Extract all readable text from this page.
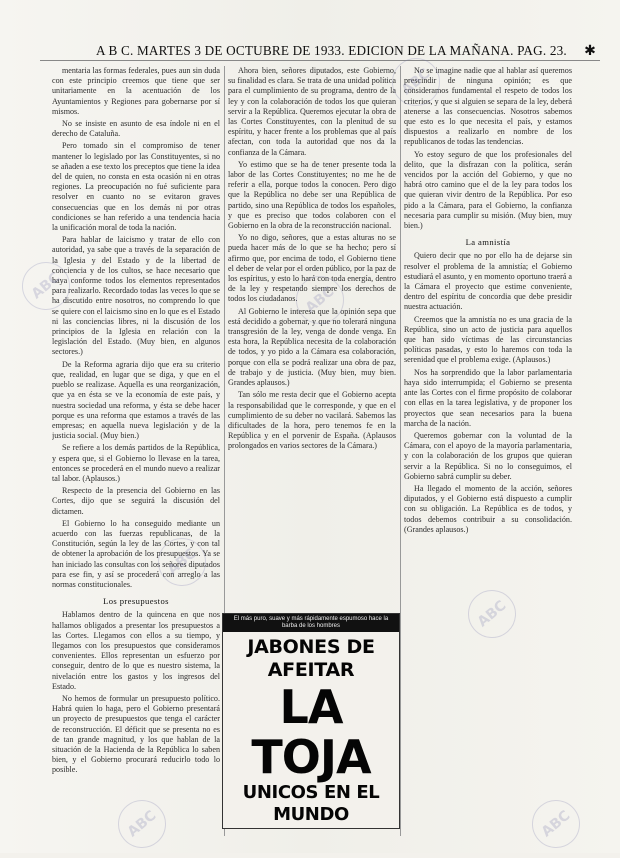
A B C. MARTES 3 DE OCTUBRE DE 1933. EDICION DE LA MAÑANA. PAG. 23. ✱

mentaria las formas federales, pues aun sin duda con este principio creemos que tiene que ser unitariamente en la acentuación de los Ayuntamientos y Regiones para gobernarse por sí mismos.

No se insiste en asunto de esa índole ni en el derecho de Cataluña.

Pero tomado sin el compromiso de tener mantener lo legislado por las Constituyentes, si no se añaden a ese texto los preceptos que tiene la idea del de quien, no consta en esta ocasión ni en otras regiones. La preocupación no fué suficiente para resolver en cuanto no se evitaron graves consecuencias que en los demás ni por otras condiciones se han referido a una tendencia hacia la unificación moral de toda la nación.

Para hablar de laicismo y tratar de ello con autoridad, ya sabe que a través de la separación de la Iglesia y del Estado y de la libertad de conciencia y de los cultos, se hace necesario que haya conforme todos los elementos representados para realizarlo. Recordado todas las veces lo que se ha discutido entre nosotros, no comprendo lo que se quiere con el laicismo sino en lo que es el Estado ni las conciencias libres, ni la discusión de los principios de la Iglesia en relación con la legislación del Estado. (Muy bien, en algunos sectores.)

De la Reforma agraria dijo que era su criterio que, realidad, en lugar que se diga, y que en el pueblo se realizase. Aquella es una reorganización, que ya en ésta se ve la economía de este país, y nuestra sociedad una reforma, y ésta se debe hacer porque es una reforma que estamos a través de las empresas; en aquella nueva legislación y de la justicia social. (Muy bien.)

Se refiere a los demás partidos de la República, y espera que, si el Gobierno lo llevase en la tarea, entonces se procederá en el mundo nuevo a realizar tal labor. (Aplausos.)

Respecto de la presencia del Gobierno en las Cortes, dijo que se seguirá la discusión del dictamen.

El Gobierno lo ha conseguido mediante un acuerdo con las fuerzas republicanas, de la Constitución, según la ley de las Cortes, y con tal de obtener la aprobación de los presupuestos. Ya se han iniciado las consultas con los señores diputados para ese fin, y así se procederá con arreglo a las normas constitucionales.

Los presupuestos

Hablamos dentro de la quincena en que nos hallamos obligados a presentar los presupuestos a las Cortes. Llegamos con ellos a su tiempo, y llegamos con los presupuestos que consideramos convenientes. Ellos representan un esfuerzo por conseguir, dentro de lo que es nuestro sistema, la nivelación entre los gastos y los ingresos del Estado.

No hemos de formular un presupuesto político. Habrá quien lo haga, pero el Gobierno presentará un proyecto de presupuestos que tenga el carácter de reconstrucción. El déficit que se presenta no es de tan grande magnitud, y los que hablan de la situación de la Hacienda de la República lo saben bien, y el Gobierno procurará reducirlo todo lo posible.

Ahora bien, señores diputados, este Gobierno, su finalidad es clara. Se trata de una unidad política para el cumplimiento de su programa, dentro de la ley y con la colaboración de todos los que quieran servir a la República. Queremos ejecutar la obra de las Cortes Constituyentes, con la plenitud de su espíritu, y hacer frente a los problemas que al país afectan, con toda la autoridad que nos da la confianza de la Cámara.

Yo estimo que se ha de tener presente toda la labor de las Cortes Constituyentes; no me he de referir a ella, porque todos la conocen. Pero digo que la República no debe ser una República de partido, sino una República de todos los españoles, y que es preciso que todos colaboren con el Gobierno en la obra de la reconstrucción nacional.

Yo no digo, señores, que a estas alturas no se pueda hacer más de lo que se ha hecho; pero sí afirmo que, por encima de todo, el Gobierno tiene el deber de velar por el orden público, por la paz de los espíritus, y esto lo hará con toda energía, dentro de la ley y respetando siempre los derechos de todos los ciudadanos.

Al Gobierno le interesa que la opinión sepa que está decidido a gobernar, y que no tolerará ninguna transgresión de la ley, venga de donde venga. En esta hora, la República necesita de la colaboración de todos, y yo pido a la Cámara esa colaboración, porque con ella se podrá realizar una obra de paz, de trabajo y de justicia. (Muy bien, muy bien. Grandes aplausos.)

Tan sólo me resta decir que el Gobierno acepta la responsabilidad que le corresponde, y que en el cumplimiento de su deber no vacilará. Sabemos las dificultades de la hora, pero tenemos fe en la República y en el porvenir de España. (Aplausos prolongados en varios sectores de la Cámara.)

No se imagine nadie que al hablar así queremos prescindir de ninguna opinión; es que consideramos fundamental el respeto de todos los criterios, y que si alguien se separa de la ley, deberá atenerse a las consecuencias. Nosotros sabemos que esto es lo que necesita el país, y estamos dispuestos a realizarlo en nombre de los republicanos de todas las tendencias.

Yo estoy seguro de que los profesionales del delito, que la disfrazan con la política, serán vencidos por la acción del Gobierno, y que no habrá otro camino que el de la ley para todos los que quieran vivir dentro de la República. Por eso pido a la Cámara, para el Gobierno, la confianza necesaria para cumplir su misión. (Muy bien, muy bien.)

La amnistía

Quiero decir que no por ello ha de dejarse sin resolver el problema de la amnistía; el Gobierno estudiará el asunto, y en momento oportuno traerá a la Cámara el proyecto que estime conveniente, dentro del espíritu de concordia que debe presidir nuestra actuación.

Creemos que la amnistía no es una gracia de la República, sino un acto de justicia para aquellos que han sido víctimas de las circunstancias políticas pasadas, y esto lo haremos con toda la serenidad que el problema exige. (Aplausos.)

Nos ha sorprendido que la labor parlamentaria haya sido interrumpida; el Gobierno se presenta ante las Cortes con el firme propósito de colaborar con ellas en la tarea legislativa, y de proponer los proyectos que sean necesarios para la buena marcha de la nación.

Queremos gobernar con la voluntad de la Cámara, con el apoyo de la mayoría parlamentaria, y con la colaboración de los grupos que quieran servir a la República. Si no lo conseguimos, el Gobierno sabrá cumplir su deber.

Ha llegado el momento de la acción, señores diputados, y el Gobierno está dispuesto a cumplir con su obligación. La República es de todos, y todos debemos contribuir a su consolidación. (Grandes aplausos.)

El más puro, suave y más rápidamente espumoso hace la barba de los hombres
JABONES DE AFEITAR
LA TOJA
UNICOS EN EL MUNDO
ABC
ABC	ABC
ABC
ABC
ABC	ABC
